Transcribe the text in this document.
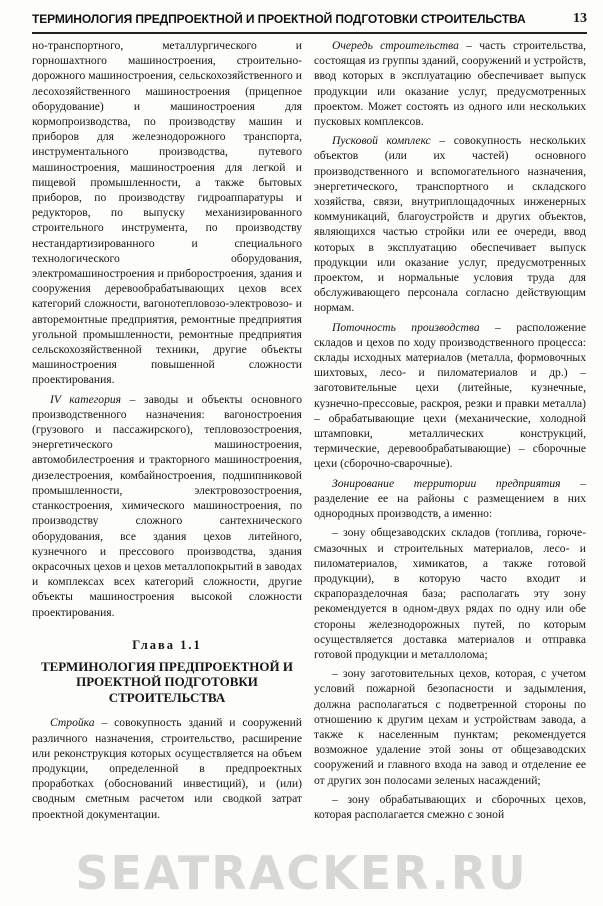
ТЕРМИНОЛОГИЯ ПРЕДПРОЕКТНОЙ И ПРОЕКТНОЙ ПОДГОТОВКИ СТРОИТЕЛЬСТВА	13

но-транспортного, металлургического и горношахтного машиностроения, строительно-дорожного машиностроения, сельскохозяйственного и лесохозяйственного машиностроения (прицепное оборудование) и машиностроения для кормопроизводства, по производству машин и приборов для железнодорожного транспорта, инструментального производства, путевого машиностроения, машиностроения для легкой и пищевой промышленности, а также бытовых приборов, по производству гидроаппаратуры и редукторов, по выпуску механизированного строительного инструмента, по производству нестандартизированного и специального технологического оборудования, электромашиностроения и приборостроения, здания и сооружения деревообрабатывающих цехов всех категорий сложности, вагонотепловозо-электровозо- и авторемонтные предприятия, ремонтные предприятия угольной промышленности, ремонтные предприятия сельскохозяйственной техники, другие объекты машиностроения повышенной сложности проектирования.

IV категория – заводы и объекты основного производственного назначения: вагоностроения (грузового и пассажирского), тепловозостроения, энергетического машиностроения, автомобилестроения и тракторного машиностроения, дизелестроения, комбайностроения, подшипниковой промышленности, электровозостроения, станкостроения, химического машиностроения, по производству сложного сантехнического оборудования, все здания цехов литейного, кузнечного и прессового производства, здания окрасочных цехов и цехов металлопокрытий в заводах и комплексах всех категорий сложности, другие объекты машиностроения высокой сложности проектирования.

Глава 1.1
ТЕРМИНОЛОГИЯ ПРЕДПРОЕКТНОЙ И ПРОЕКТНОЙ ПОДГОТОВКИ СТРОИТЕЛЬСТВА

Стройка – совокупность зданий и сооружений различного назначения, строительство, расширение или реконструкция которых осуществляется на объем продукции, определенной в предпроектных проработках (обоснований инвестиций), и (или) сводным сметным расчетом или сводкой затрат проектной документации.

Очередь строительства – часть строительства, состоящая из группы зданий, сооружений и устройств, ввод которых в эксплуатацию обеспечивает выпуск продукции или оказание услуг, предусмотренных проектом. Может состоять из одного или нескольких пусковых комплексов.

Пусковой комплекс – совокупность нескольких объектов (или их частей) основного производственного и вспомогательного назначения, энергетического, транспортного и складского хозяйства, связи, внутриплощадочных инженерных коммуникаций, благоустройств и других объектов, являющихся частью стройки или ее очереди, ввод которых в эксплуатацию обеспечивает выпуск продукции или оказание услуг, предусмотренных проектом, и нормальные условия труда для обслуживающего персонала согласно действующим нормам.

Поточность производства – расположение складов и цехов по ходу производственного процесса: склады исходных материалов (металла, формовочных шихтовых, лесо- и пиломатериалов и др.) – заготовительные цехи (литейные, кузнечные, кузнечно-прессовые, раскроя, резки и правки металла) – обрабатывающие цехи (механические, холодной штамповки, металлических конструкций, термические, деревообрабатывающие) – сборочные цехи (сборочно-сварочные).

Зонирование территории предприятия – разделение ее на районы с размещением в них однородных производств, а именно:

– зону общезаводских складов (топлива, горюче-смазочных и строительных материалов, лесо- и пиломатериалов, химикатов, а также готовой продукции), в которую часто входит и скрапоразделочная база; располагать эту зону рекомендуется в одном-двух рядах по одну или обе стороны железнодорожных путей, по которым осуществляется доставка материалов и отправка готовой продукции и металлолома;

– зону заготовительных цехов, которая, с учетом условий пожарной безопасности и задымления, должна располагаться с подветренной стороны по отношению к другим цехам и устройствам завода, а также к населенным пунктам; рекомендуется возможное удаление этой зоны от общезаводских сооружений и главного входа на завод и отделение ее от других зон полосами зеленых насаждений;

– зону обрабатывающих и сборочных цехов, которая располагается смежно с зоной

SEATRACKER.RU
